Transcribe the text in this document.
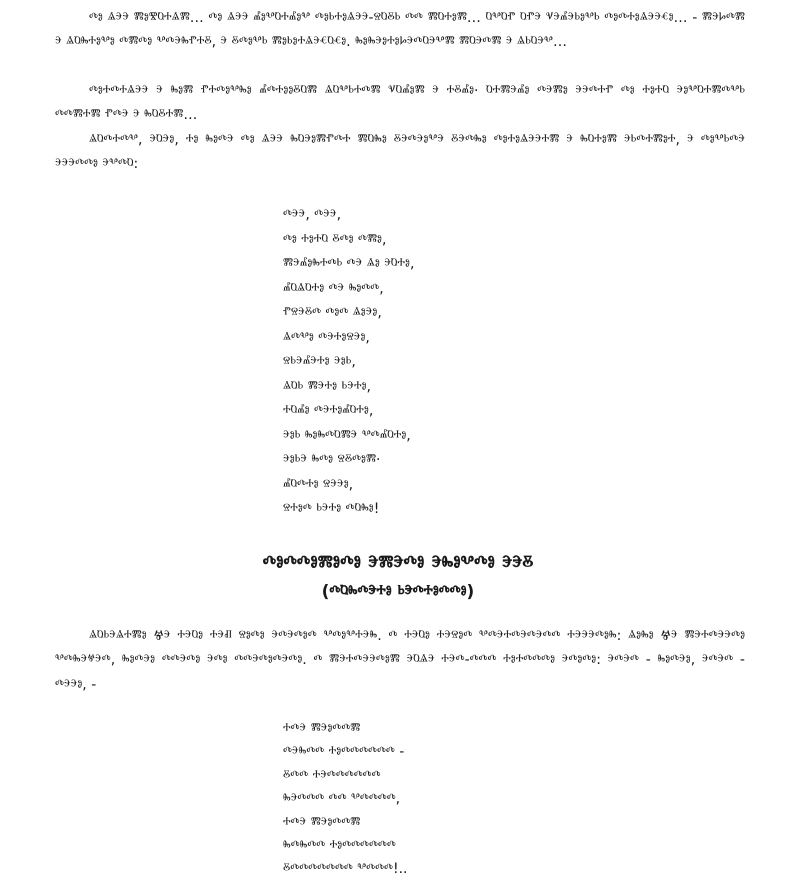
ⰴⱁ ⱑⰵⰵ ⰿⱁⰺⱒⰰⱑⰿ… ⰴⱁ ⱑⰵⰵ ⰼⱁⰲⱒⰰⰼⱁⰲ ⰴⱁⱃⰰⱁⱑⰵⰵ-ⱄⱒⰻⱃ ⰴⰴ ⰿⱒⰰⱁⰿ… ⱒⰲⱒⱂ ⱒⱂⰵ ⱌⰵⰼⰵⱃⱁⰲⱃ ⰴⱁⰴⰰⱁⱑⰵⰵⱔⱁ… - ⰿⰵⱈⰴⰿ ⰵ ⱑⱒⰸⰰⱁⰲⱁ ⰴⰿⰴⱁ ⰲⰴⰵⰸⱂⰰⰻ, ⰵ ⰻⰴⱁⰲⱃ ⰿⱁⱃⱁⰰⱑⰵⱔⱒⱔⱁ. ⰸⱁⰸⰵⱁⰰⱁⱈⰵⰴⱒⰵⰲⰿ ⰿⱒⰵⰴⰿ ⰵ ⱑⱃⱒⰵⰲ…

ⰴⱁⰰⰴⰰⱑⰵⰵ ⰵ ⰸⱁⰿ ⱂⰰⰴⱁⰲⰸⱁ ⰼⰴⰰⱁⱁⰻⱒⰿ ⱑⱒⰲⱃⰰⰴⰿ ⱌⱒⰼⱁⰿ ⰵ ⰰⰻⰼⱁ· ⱒⰰⰿⰵⰼⱁ ⰴⰵⰿⱁ ⰵⰵⰴⰰⱂ ⰴⱁ ⰰⱁⰰⱒ ⰵⱁⰲⱒⰰⰿⰴⰲⱃ ⰴⰴⰿⰰⰿ ⱂⰴⰵ ⰵ ⰸⱒⰻⰰⰿ…

ⱑⱒⰴⰰⰴⰲ, ⰵⱒⰵⱁ, ⰰⱁ ⰸⱁⰴⰵ ⰴⱁ ⱑⰵⰵ ⰸⱒⰵⱁⰿⱂⰴⰰ ⰿⱒⰸⱁ ⰻⰵⰴⰵⱁⰲⰵ ⰻⰵⰴⰸⱁ ⰴⱁⰰⱁⱑⰵⰵⰰⰿ ⰵ ⰸⱒⰰⱁⰿ ⰵⱃⰴⰰⰿⱁⰰ, ⰵ ⰴⱁⰲⱃⰴⰵ ⰵⰵⰵⰴⰴⱁ ⰵⰲⰴⱒ:

ⰴⰵⰵ, ⰴⰵⰵ,
ⰴⱁ ⰰⱁⰰⱒ ⰻⰴⱁ ⰴⰿⱁ,
ⰿⰵⰼⱁⰸⰰⰴⱃ ⰴⰵ ⱑⱁ ⰵⱒⰰⱁ,
ⰼⱒⱑⱒⰰⱁ ⰴⰵ ⰸⱁⰴⰴ,
ⱂⱄⰵⰻⰴ ⰴⱁⰴ ⱑⱁⰵⱁ,
ⱑⰴⰲⱁ ⰴⰵⰰⱁⱄⰵⱁ,
ⱄⱃⰵⰼⰵⰰⱁ ⰵⱁⱃ,
ⱑⱒⱃ ⰿⰵⰰⱁ ⱃⰵⰰⱁ,
ⰰⱒⰼⱁ ⰴⰵⰰⱁⰼⱒⰰⱁ,
ⰵⱁⱃ ⰸⱁⰸⰴⱒⰿⰵ ⰲⰴⰼⱒⰰⱁ,
ⰵⱁⱃⰵ ⰸⰴⱁ ⱄⰻⰴⱁⰿ·
ⰼⱒⰴⰰⱁ ⱄⰵⰵⱁ,
ⱄⰰⱁⰴ ⱃⰵⰰⱁ ⰴⱒⰸⱁ!
ⰴⱁⰴⰴⱁⰿⱁⰴⱁ ⰵⰿⰵⰴⱁ ⰵⰸⱁⰲⰴⱁ ⰵⰵⰻ
(ⰴⱒⰸⰴⰵⰰⱁ ⱃⰵⰴⰰⱁⰴⰴⱁ)

ⱑⱒⱃⰵⱑⰰⰿⱁ Ⱍⰵ ⰰⰵⱒⱁ ⰰⰵⱊ ⱄⱁⰴⱁ ⰵⰴⰵⰴⱁⰴ ⰲⰴⱁⰲⰰⰵⰸ. ⰴ ⰰⰵⱒⱁ ⰰⰵⱄⱁⰴ ⰲⰴⰵⰰⰴⰵⰴⰵⰴⰴ ⰰⰵⰵⰵⰴⱁⰸ: ⱑⱁⰸⱁ Ⱍⰵ ⰿⰵⰰⰴⰵⰵⰴⱁ ⰲⰴⰸⰵⱍⰵⰴ, ⰸⱁⰴⰵⱁ ⰴⰴⰵⰴⱁ ⰵⰴⱁ ⰴⰴⰵⰴⱁⰴⰵⰴⱁ. ⰴ ⰿⰵⰰⰴⰵⰵⰴⱁⰿ ⰵⱒⱑⰵ ⰰⰵⰴ-ⰴⰴⰴ ⰰⱁⰰⰴⰴⰴⱁ ⰵⰴⱁⰴⱁ: ⰵⰴⰵⰴ - ⰸⱁⰴⰵⱁ, ⰵⰴⰵⰴ - ⰴⰵⰵⱁ, -

ⰰⰴⰵ ⰿⰵⱁⰴⰴⰿ
ⰴⰵⰸⰴⰴ ⰰⱁⰴⰴⰴⰴⰴⰴ -
ⰻⰴⰴ ⰰⰵⰴⰴⰴⰴⰴⰴ
ⰸⰵⰴⰴⰴ ⰴⰴ ⰲⰴⰴⰴⰴ,
ⰰⰴⰵ ⰿⰵⱁⰴⰴⰿ
ⰸⰴⰸⰴⰴ ⰰⱁⰴⰴⰴⰴⰴⰴ
ⰻⰴⰴⰴⰴⰴⰴⰴ ⰲⰴⰴⰴ!..
